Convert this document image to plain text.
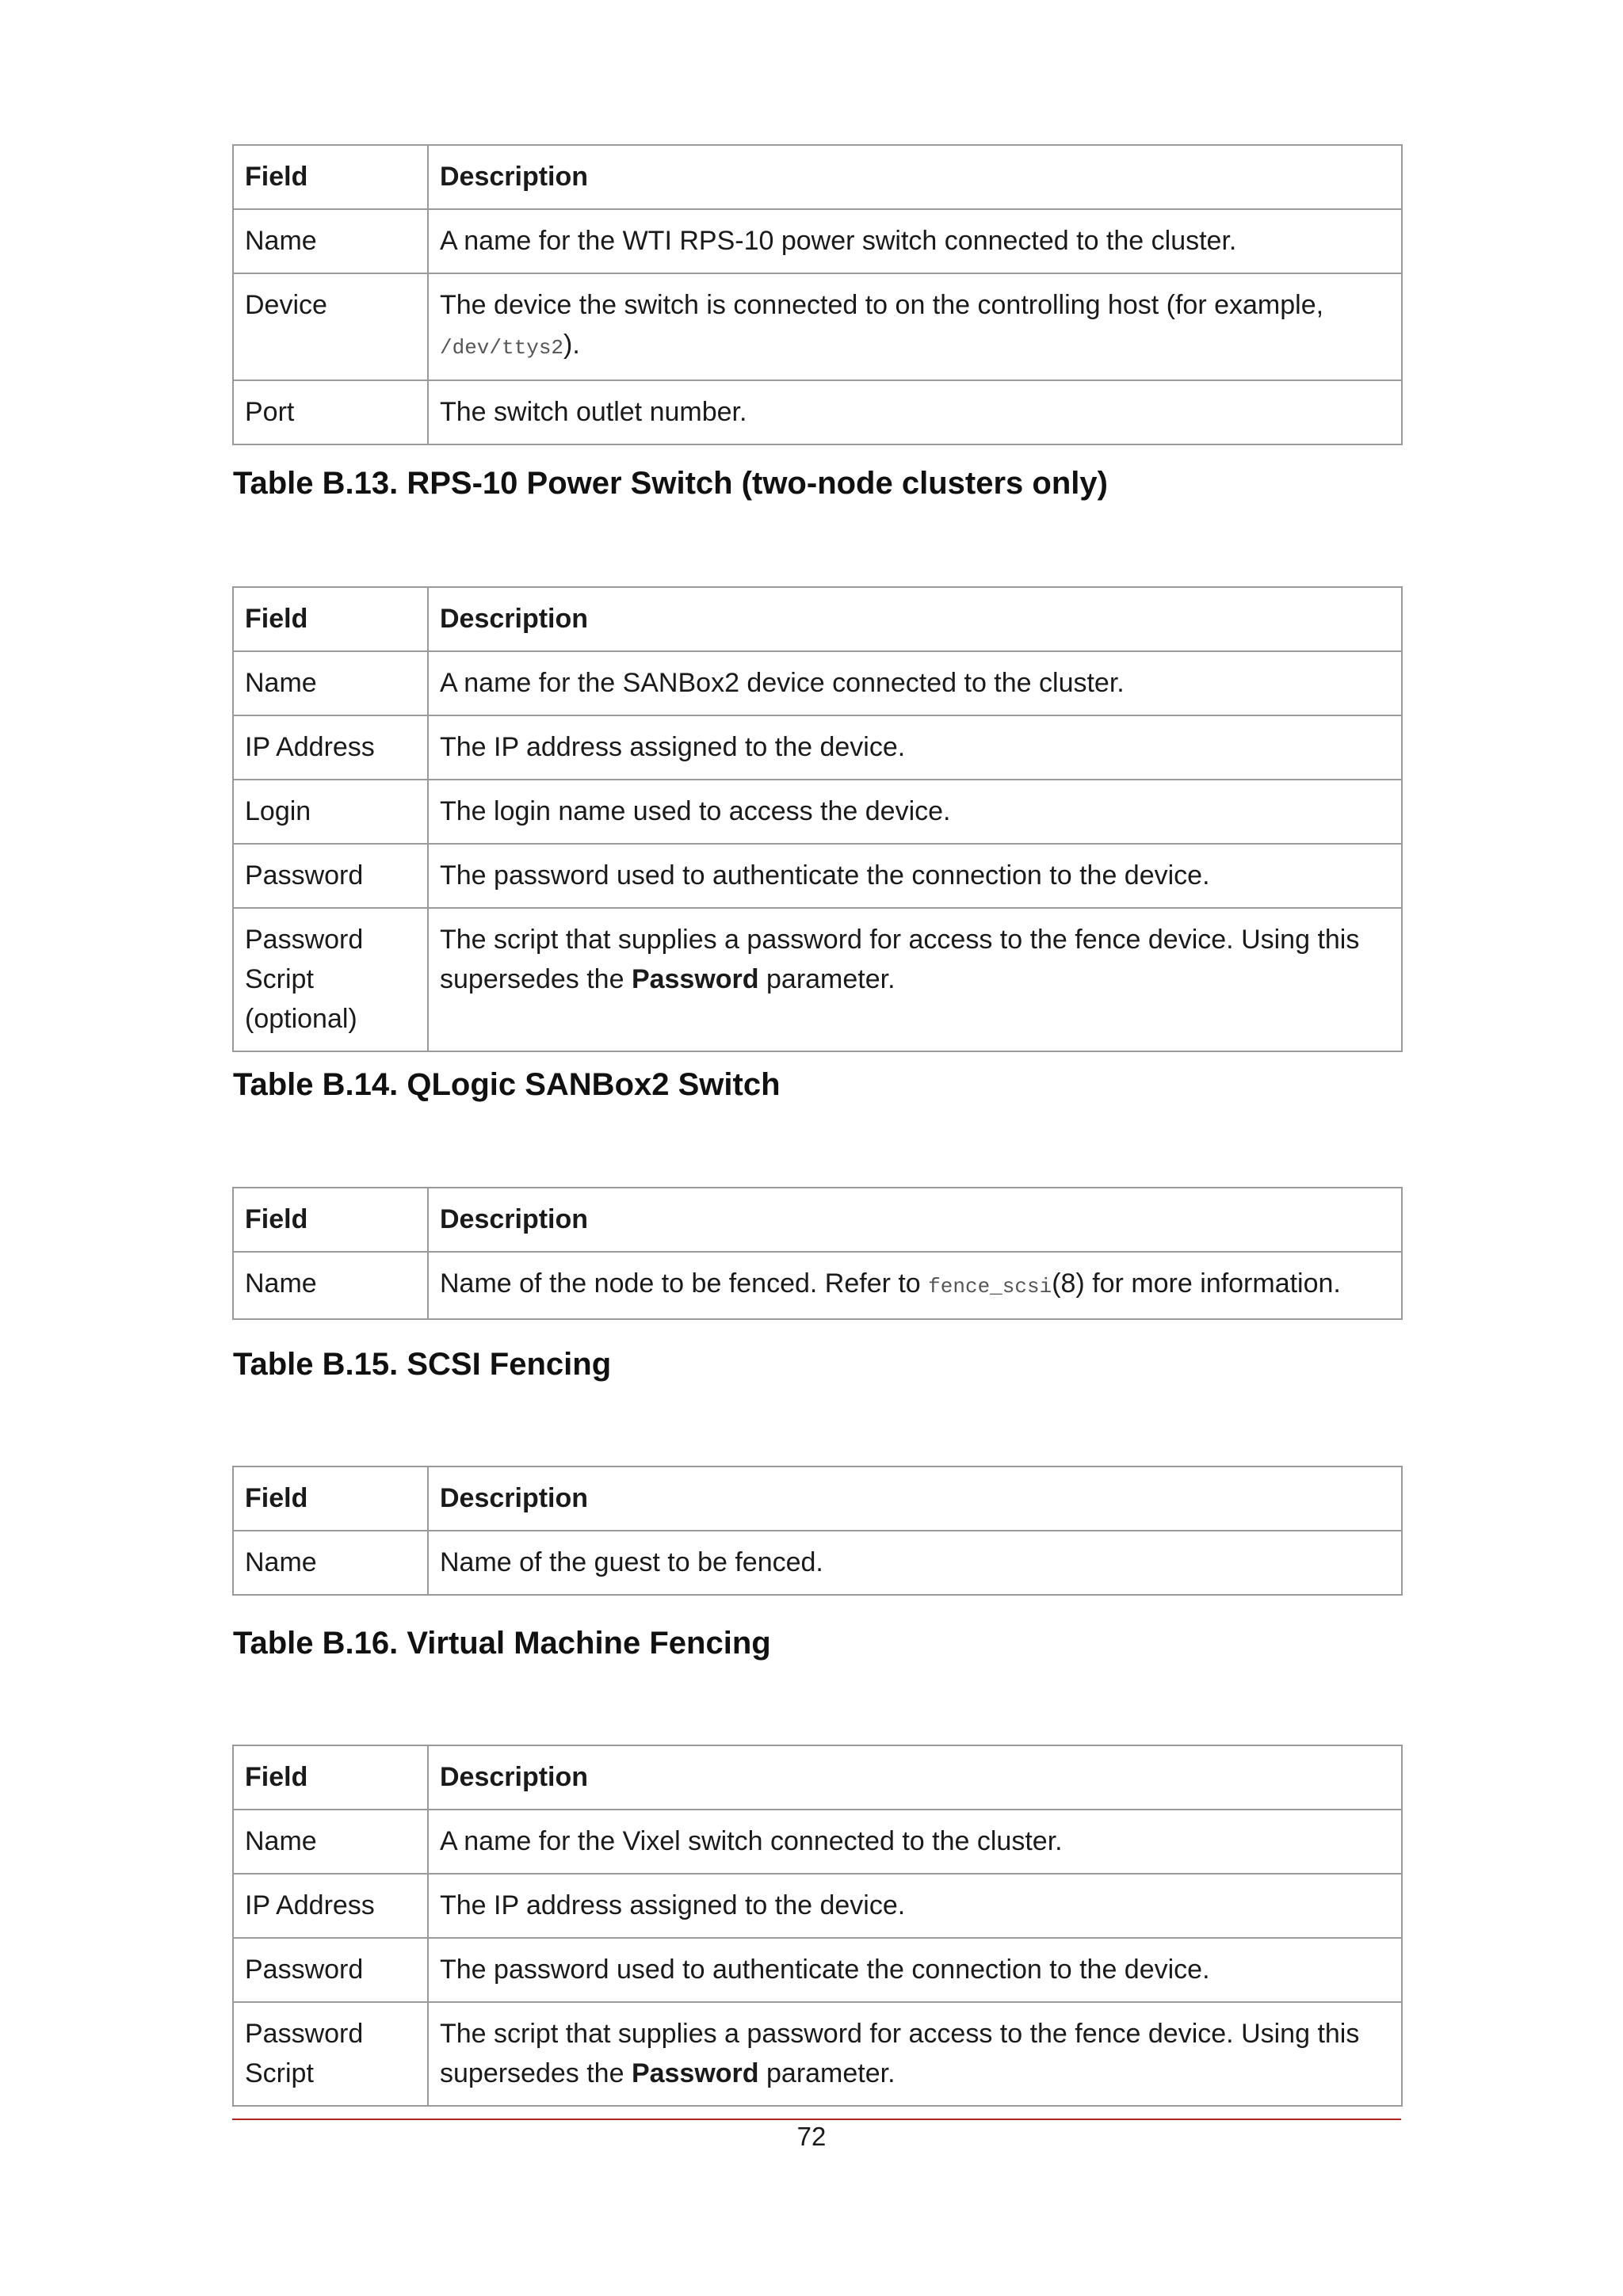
Field	Description
Name	A name for the WTI RPS-10 power switch connected to the cluster.
Device	The device the switch is connected to on the controlling host (for example, /dev/ttys2).
Port	The switch outlet number.

Table B.13. RPS-10 Power Switch (two-node clusters only)

Field	Description
Name	A name for the SANBox2 device connected to the cluster.
IP Address	The IP address assigned to the device.
Login	The login name used to access the device.
Password	The password used to authenticate the connection to the device.
Password Script (optional)	The script that supplies a password for access to the fence device. Using this supersedes the Password parameter.

Table B.14. QLogic SANBox2 Switch

Field	Description
Name	Name of the node to be fenced. Refer to fence_scsi(8) for more information.

Table B.15. SCSI Fencing

Field	Description
Name	Name of the guest to be fenced.

Table B.16. Virtual Machine Fencing

Field	Description
Name	A name for the Vixel switch connected to the cluster.
IP Address	The IP address assigned to the device.
Password	The password used to authenticate the connection to the device.
Password Script	The script that supplies a password for access to the fence device. Using this supersedes the Password parameter.
72
